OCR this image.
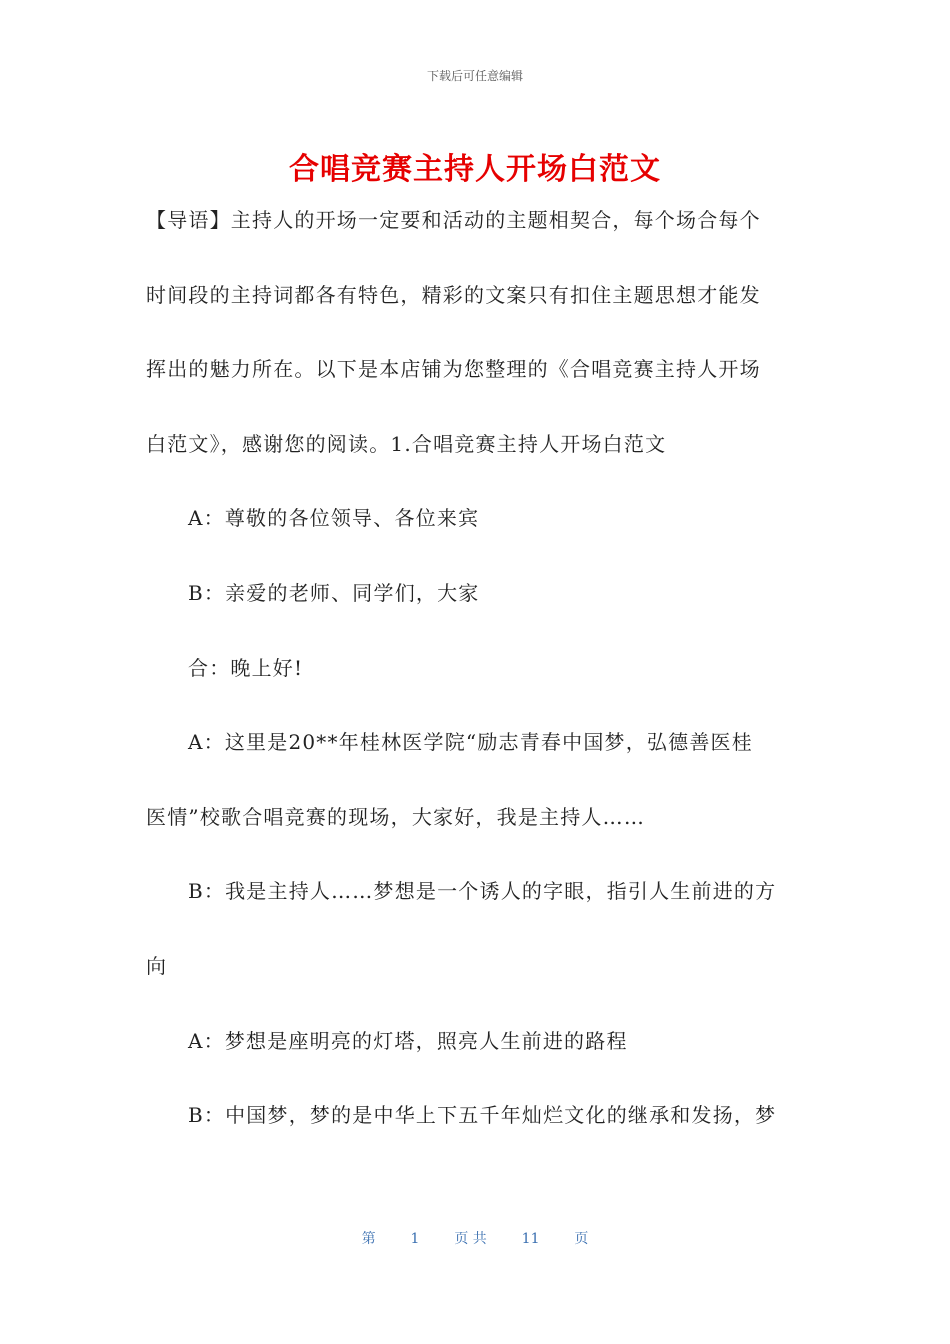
下载后可任意编辑
合唱竞赛主持人开场白范文
【导语】主持人的开场一定要和活动的主题相契合，每个场合每个
时间段的主持词都各有特色，精彩的文案只有扣住主题思想才能发
挥出的魅力所在。以下是本店铺为您整理的《合唱竞赛主持人开场
白范文》，感谢您的阅读。1.合唱竞赛主持人开场白范文
A：尊敬的各位领导、各位来宾
B：亲爱的老师、同学们，大家
合：晚上好!
A：这里是20**年桂林医学院“励志青春中国梦，弘德善医桂
医情”校歌合唱竞赛的现场，大家好，我是主持人……
B：我是主持人……梦想是一个诱人的字眼，指引人生前进的方
向
A：梦想是座明亮的灯塔，照亮人生前进的路程
B：中国梦，梦的是中华上下五千年灿烂文化的继承和发扬，梦
第 1 页 共 11 页
